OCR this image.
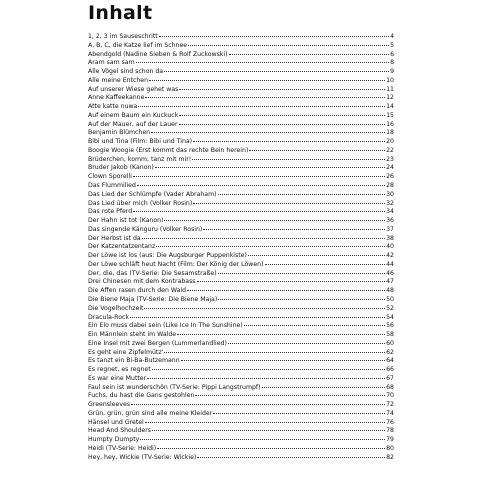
Inhalt
1, 2, 3 im Sauseschritt	4
A, B, C, die Katze lief im Schnee	5
Abendgold (Nadine Sieben & Rolf Zuckowski)	6
Aram sam sam	8
Alle Vögel sind schon da	9
Alle meine Entchen	10
Auf unserer Wiese gehet was	11
Anne Kaffeekanne	12
Atte katte nuwa	14
Auf einem Baum ein Kuckuck	15
Auf der Mauer, auf der Lauer	16
Benjamin Blümchen	18
Bibi und Tina (Film: Bibi und Tina)	20
Boogie Woogie (Erst kommt das rechte Bein herein)	22
Brüderchen, komm, tanz mit mir!	23
Bruder Jakob (Kanon)	24
Clown Sporelli	26
Das Flummilied	28
Das Lied der Schlümpfe (Vader Abraham)	30
Das Lied über mich (Volker Rosin)	32
Das rote Pferd	34
Der Hahn ist tot (Kanon)	36
Das singende Känguru (Volker Rosin)	37
Der Herbst ist da	38
Der Katzentatzentanz	40
Der Löwe ist los (aus: Die Augsburger Puppenkiste)	42
Der Löwe schläft heut Nacht (Film: Der König der Löwen)	44
Der, die, das (TV-Serie: Die Sesamstraße)	46
Drei Chinesen mit dem Kontrabass	47
Die Affen rasen durch den Wald	48
Die Biene Maja (TV-Serie: Die Biene Maja)	50
Die Vogelhochzeit	52
Dracula-Rock	54
Ein Elo muss dabei sein (Like Ice In The Sunshine)	56
Ein Männlein steht im Walde	58
Eine Insel mit zwei Bergen (Lummerlandlied)	60
Es geht eine Zipfelmütz'	62
Es tanzt ein Bi-Ba-Butzemann	64
Es regnet, es regnet	66
Es war eine Mutter	67
Faul sein ist wunderschön (TV-Serie: Pippi Langstrumpf)	68
Fuchs, du hast die Gans gestohlen	70
Greensleeves	72
Grün, grün, grün sind alle meine Kleider	74
Hänsel und Gretel	76
Head And Shoulders	78
Humpty Dumpty	79
Heidi (TV-Serie: Heidi)	80
Hey, hey, Wickie (TV-Serie: Wickie)	82
